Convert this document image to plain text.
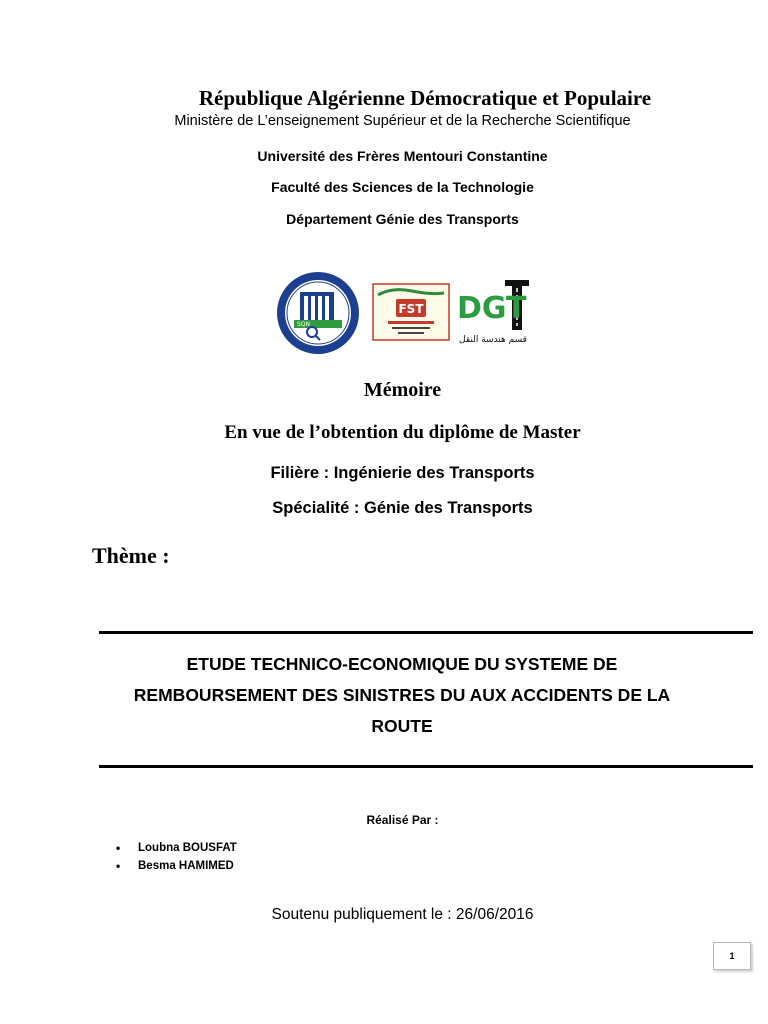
République Algérienne Démocratique et Populaire
Ministère de L’enseignement Supérieur et de la Recherche Scientifique
Université des Frères Mentouri Constantine
Faculté des Sciences de la Technologie
Département Génie des Transports
SQN
FST DGT
قسم هندسة النقل
Mémoire
En vue de l’obtention du diplôme de Master
Filière : Ingénierie des Transports
Spécialité : Génie des Transports
Thème :
ETUDE TECHNICO-ECONOMIQUE DU SYSTEME DE
REMBOURSEMENT DES SINISTRES DU AUX ACCIDENTS DE LA
ROUTE
Réalisé Par :
• Loubna BOUSFAT
• Besma HAMIMED
Soutenu publiquement le : 26/06/2016
1
